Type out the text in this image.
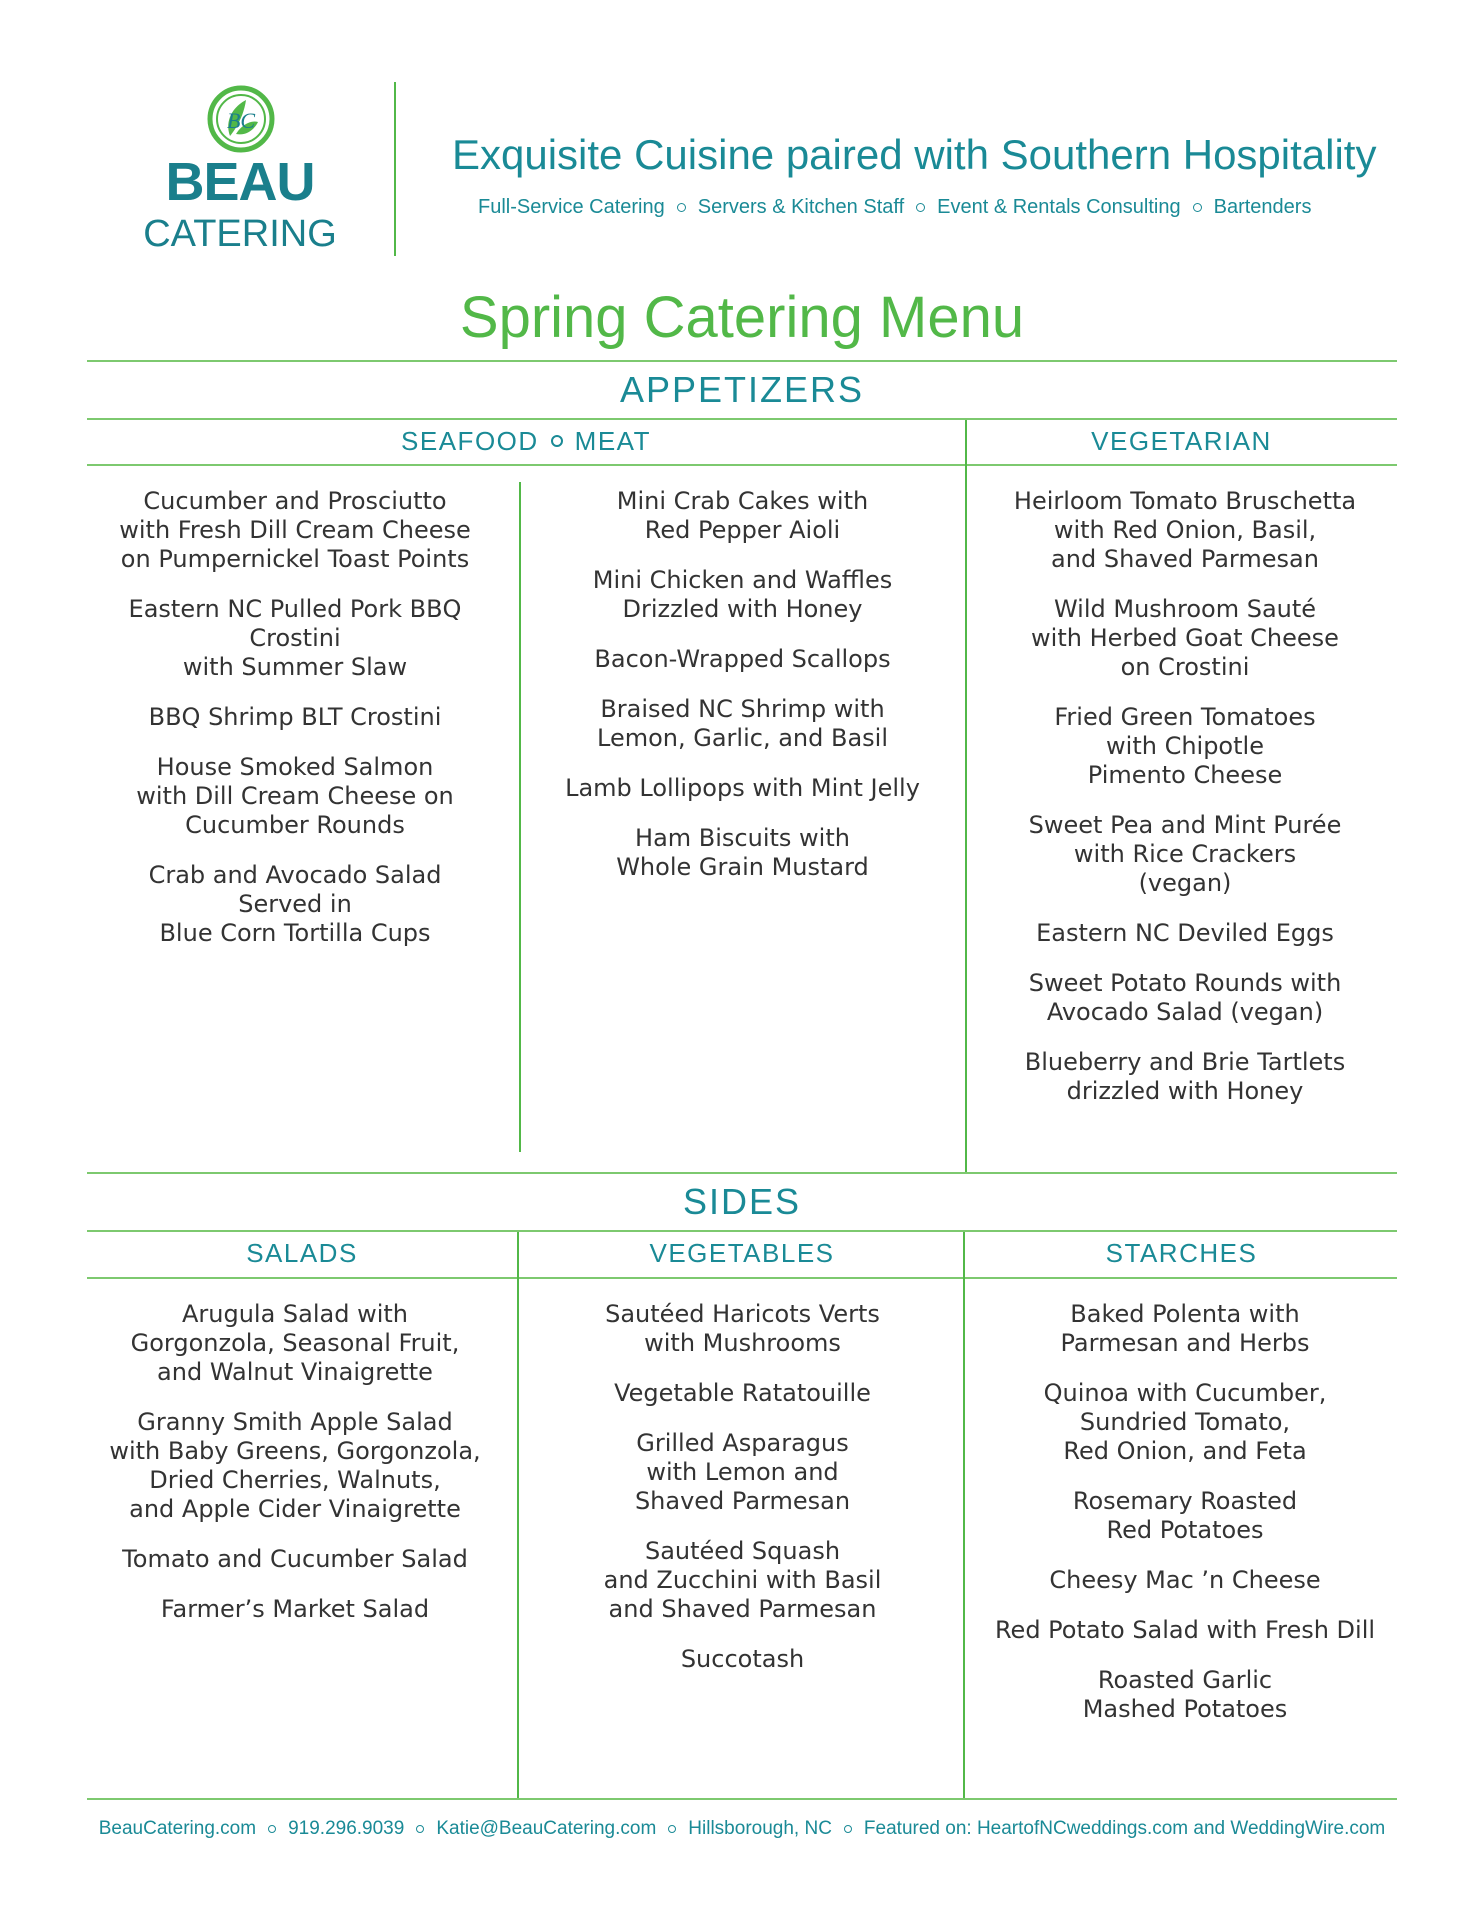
BC
BEAU
CATERING
Exquisite Cuisine paired with Southern Hospitality
Full-Service Catering Servers & Kitchen Staff Event & Rentals Consulting Bartenders
Spring Catering Menu
APPETIZERS
SEAFOOD MEAT	VEGETARIAN
Cucumber and Prosciutto
with Fresh Dill Cream Cheese
on Pumpernickel Toast Points
Eastern NC Pulled Pork BBQ
Crostini
with Summer Slaw
BBQ Shrimp BLT Crostini
House Smoked Salmon
with Dill Cream Cheese on
Cucumber Rounds
Crab and Avocado Salad
Served in
Blue Corn Tortilla Cups
Mini Crab Cakes with
Red Pepper Aioli
Mini Chicken and Waffles
Drizzled with Honey
Bacon-Wrapped Scallops
Braised NC Shrimp with
Lemon, Garlic, and Basil
Lamb Lollipops with Mint Jelly
Ham Biscuits with
Whole Grain Mustard
Heirloom Tomato Bruschetta
with Red Onion, Basil,
and Shaved Parmesan
Wild Mushroom Sauté
with Herbed Goat Cheese
on Crostini
Fried Green Tomatoes
with Chipotle
Pimento Cheese
Sweet Pea and Mint Purée
with Rice Crackers
(vegan)
Eastern NC Deviled Eggs
Sweet Potato Rounds with
Avocado Salad (vegan)
Blueberry and Brie Tartlets
drizzled with Honey
SIDES
SALADS	VEGETABLES	STARCHES
Arugula Salad with
Gorgonzola, Seasonal Fruit,
and Walnut Vinaigrette
Granny Smith Apple Salad
with Baby Greens, Gorgonzola,
Dried Cherries, Walnuts,
and Apple Cider Vinaigrette
Tomato and Cucumber Salad
Farmer’s Market Salad
Sautéed Haricots Verts
with Mushrooms
Vegetable Ratatouille
Grilled Asparagus
with Lemon and
Shaved Parmesan
Sautéed Squash
and Zucchini with Basil
and Shaved Parmesan
Succotash
Baked Polenta with
Parmesan and Herbs
Quinoa with Cucumber,
Sundried Tomato,
Red Onion, and Feta
Rosemary Roasted
Red Potatoes
Cheesy Mac ’n Cheese
Red Potato Salad with Fresh Dill
Roasted Garlic
Mashed Potatoes
BeauCatering.com 919.296.9039 Katie@BeauCatering.com Hillsborough, NC Featured on: HeartofNCweddings.com and WeddingWire.com
